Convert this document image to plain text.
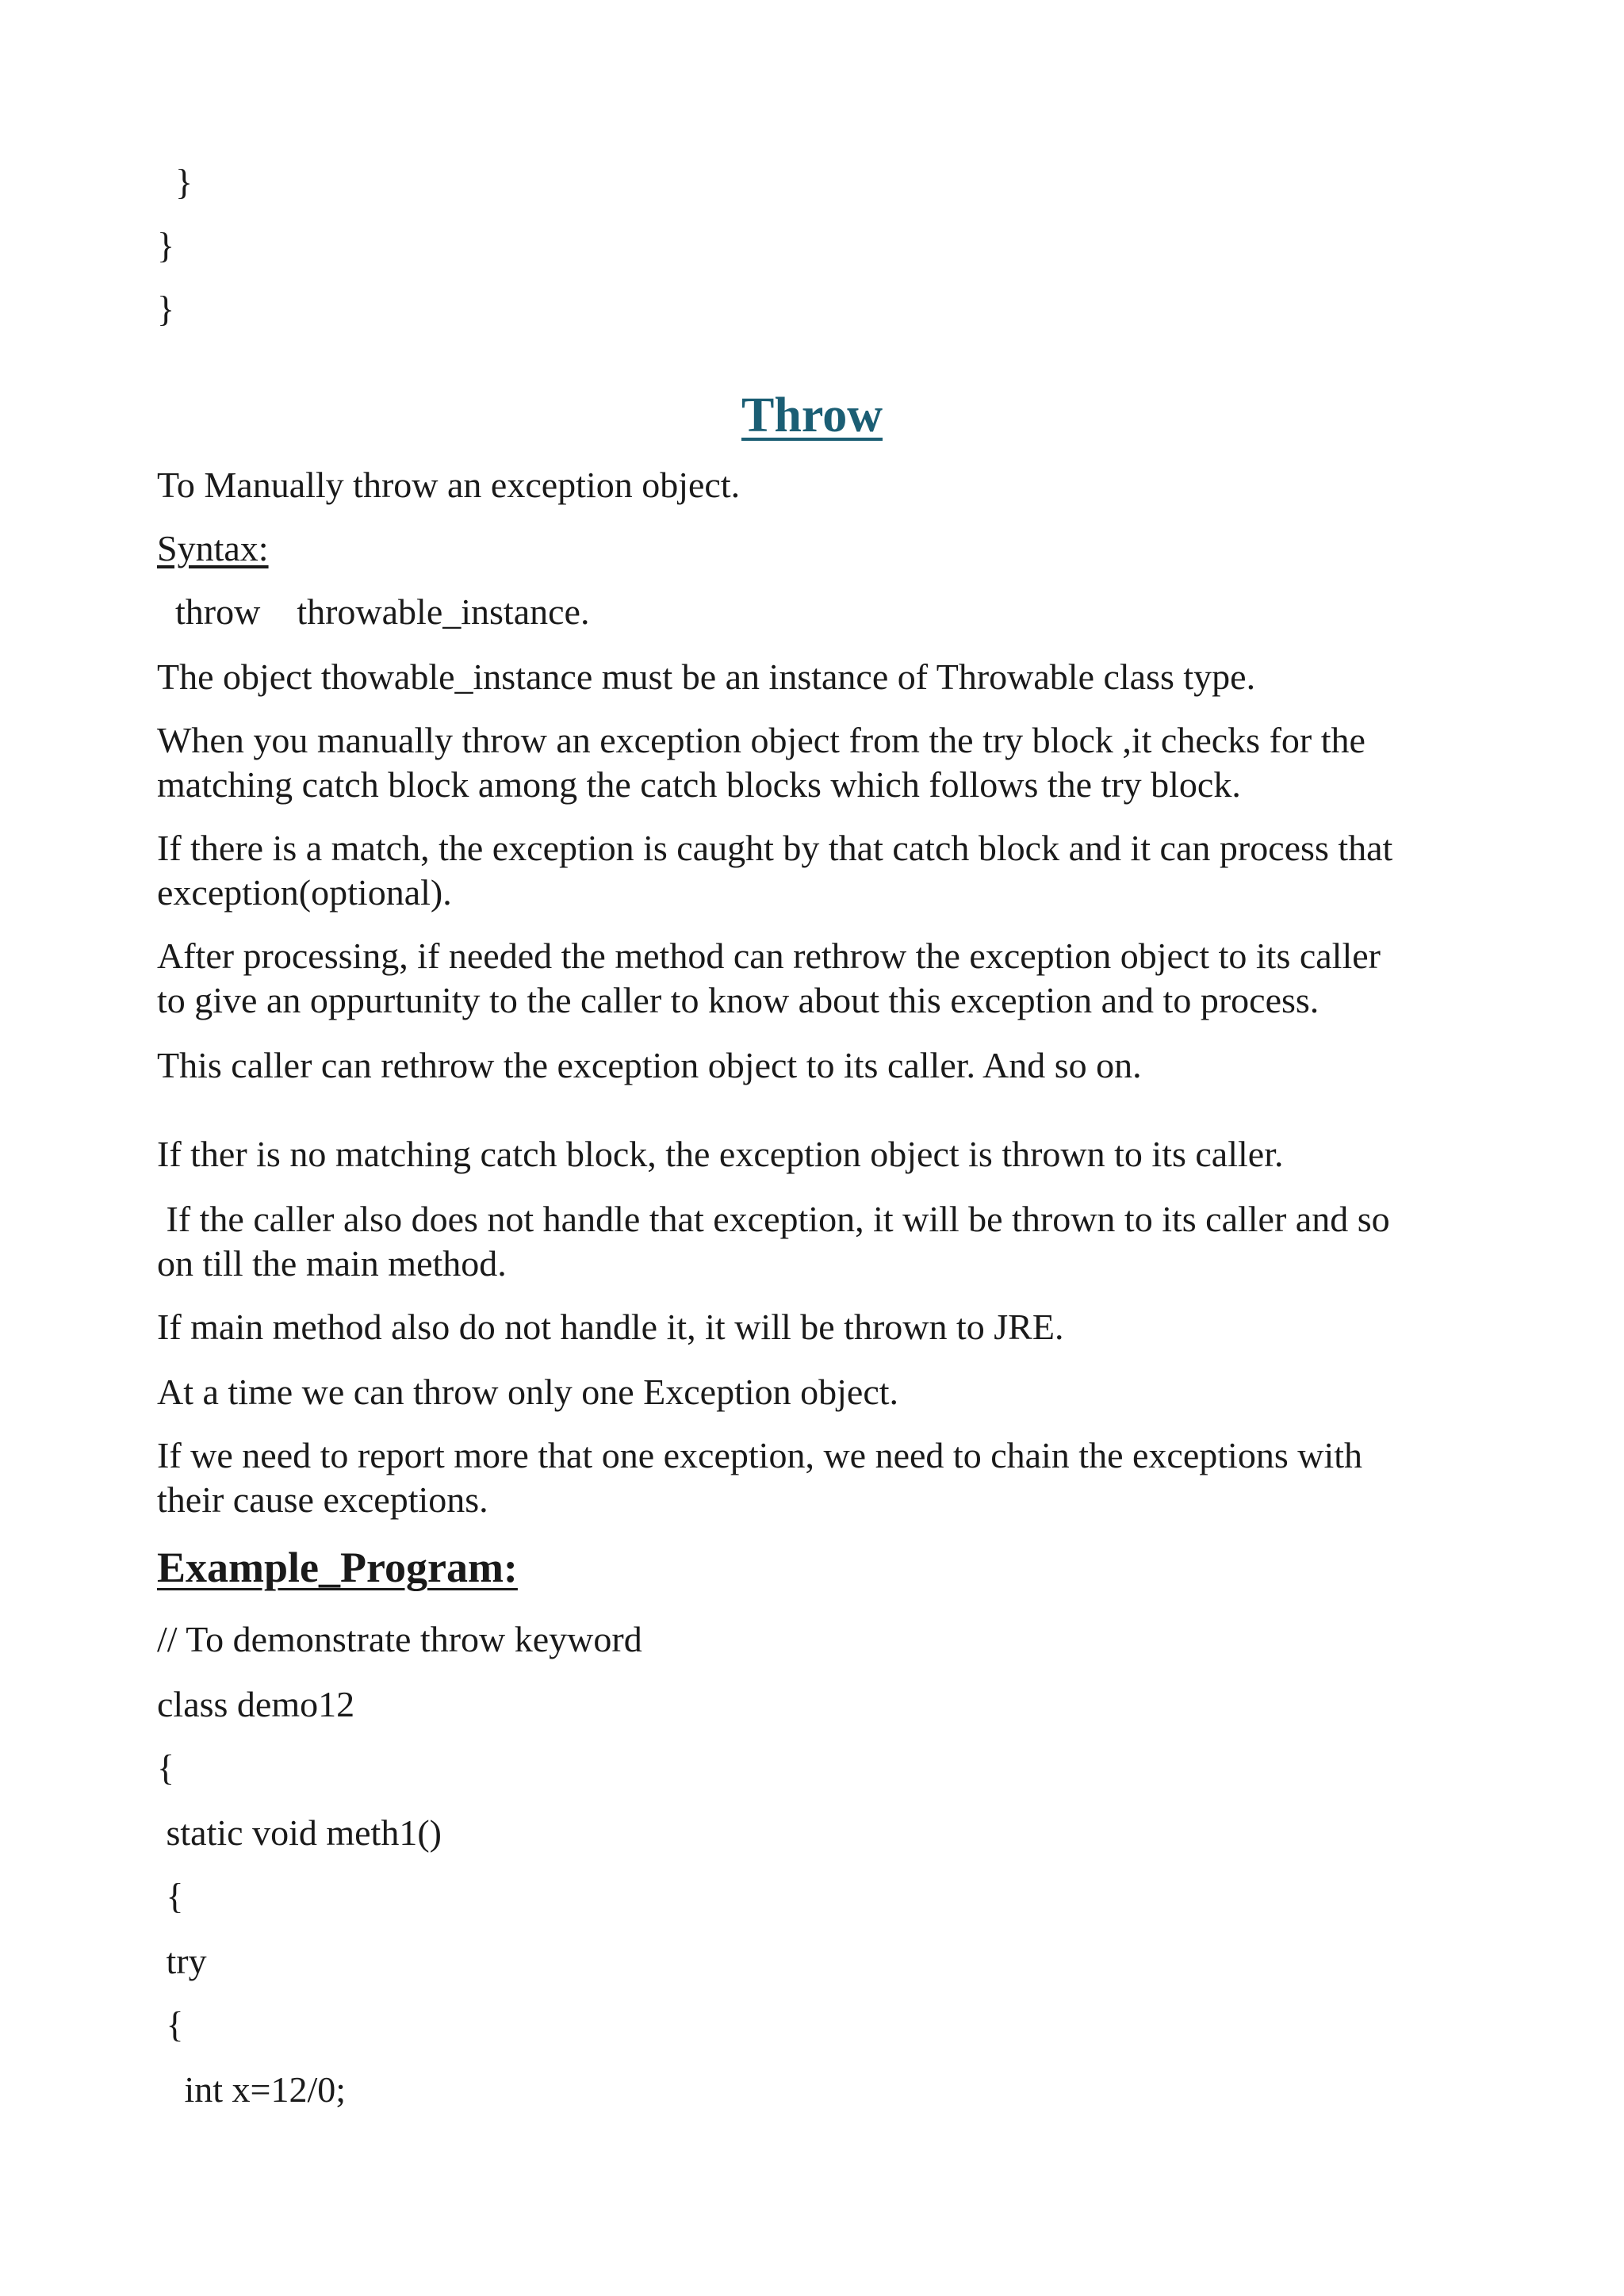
}
}
}
Throw
To Manually throw an exception object.
Syntax:
throw    throwable_instance.
The object thowable_instance must be an instance of Throwable class type.
When you manually throw an exception object from the try block ,it checks for the
matching catch block among the catch blocks which follows the try block.
If there is a match, the exception is caught by that catch block and it can process that
exception(optional).
After processing, if needed the method can rethrow the exception object to its caller
to give an oppurtunity to the caller to know about this exception and to process.
This caller can rethrow the exception object to its caller. And so on.
If ther is no matching catch block, the exception object is thrown to its caller.
If the caller also does not handle that exception, it will be thrown to its caller and so
on till the main method.
If main method also do not handle it, it will be thrown to JRE.
At a time we can throw only one Exception object.
If we need to report more that one exception, we need to chain the exceptions with
their cause exceptions.
Example_Program:
// To demonstrate throw keyword
class demo12
{
static void meth1()
{
try
{
int x=12/0;
